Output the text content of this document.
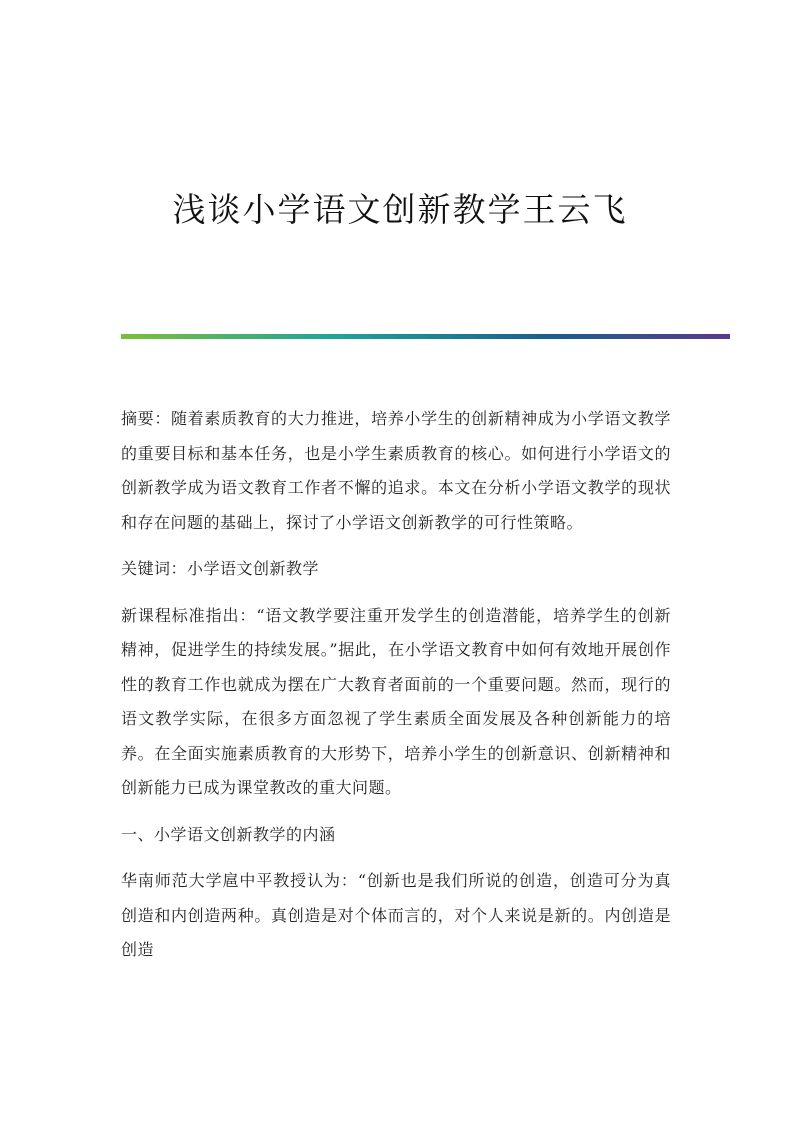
浅谈小学语文创新教学王云飞

摘要：随着素质教育的大力推进，培养小学生的创新精神成为小学语文教学的重要目标和基本任务，也是小学生素质教育的核心。如何进行小学语文的创新教学成为语文教育工作者不懈的追求。本文在分析小学语文教学的现状和存在问题的基础上，探讨了小学语文创新教学的可行性策略。

关键词：小学语文创新教学

新课程标准指出：“语文教学要注重开发学生的创造潜能，培养学生的创新精神，促进学生的持续发展。”据此，在小学语文教育中如何有效地开展创作性的教育工作也就成为摆在广大教育者面前的一个重要问题。然而，现行的语文教学实际，在很多方面忽视了学生素质全面发展及各种创新能力的培养。在全面实施素质教育的大形势下，培养小学生的创新意识、创新精神和创新能力已成为课堂教改的重大问题。

一、小学语文创新教学的内涵

华南师范大学扈中平教授认为：“创新也是我们所说的创造，创造可分为真创造和内创造两种。真创造是对个体而言的，对个人来说是新的。内创造是创造
